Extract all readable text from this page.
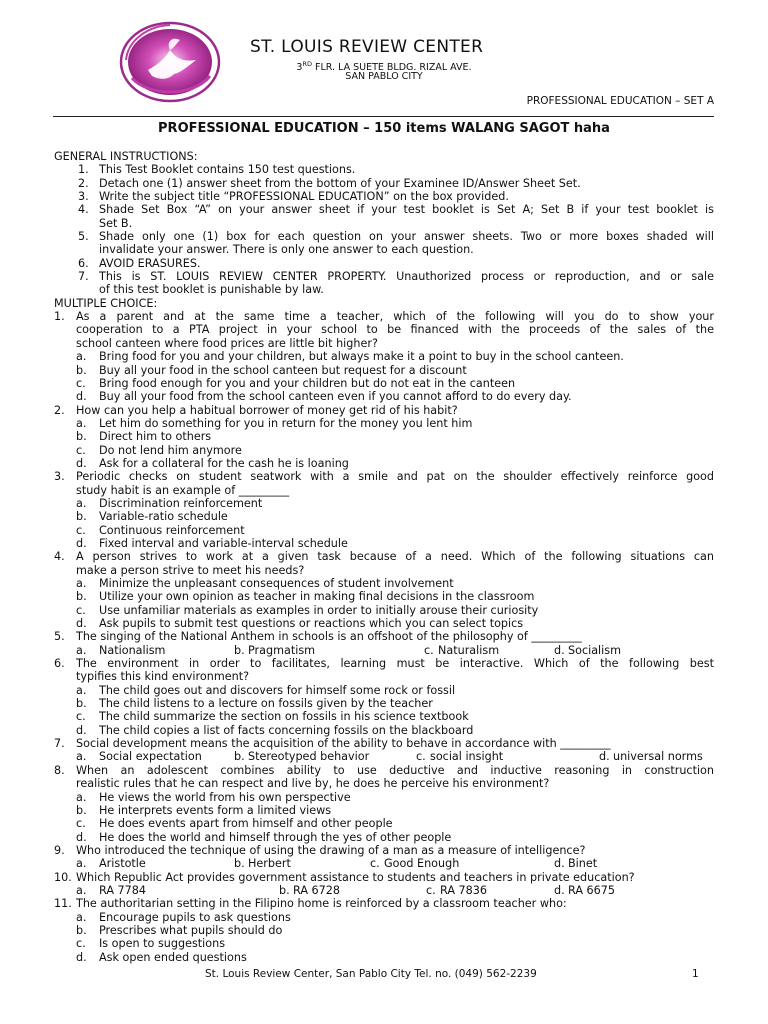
ST. LOUIS REVIEW CENTER
3RD FLR. LA SUETE BLDG. RIZAL AVE.
SAN PABLO CITY
PROFESSIONAL EDUCATION – SET A
PROFESSIONAL EDUCATION – 150 items WALANG SAGOT haha
GENERAL INSTRUCTIONS:
1. This Test Booklet contains 150 test questions.
2. Detach one (1) answer sheet from the bottom of your Examinee ID/Answer Sheet Set.
3. Write the subject title “PROFESSIONAL EDUCATION” on the box provided.
4. Shade Set Box “A” on your answer sheet if your test booklet is Set A; Set B if your test booklet is
Set B.
5. Shade only one (1) box for each question on your answer sheets. Two or more boxes shaded will
invalidate your answer. There is only one answer to each question.
6. AVOID ERASURES.
7. This is ST. LOUIS REVIEW CENTER PROPERTY. Unauthorized process or reproduction, and or sale
of this test booklet is punishable by law.
MULTIPLE CHOICE:
1. As a parent and at the same time a teacher, which of the following will you do to show your
cooperation to a PTA project in your school to be financed with the proceeds of the sales of the
school canteen where food prices are little bit higher?
a. Bring food for you and your children, but always make it a point to buy in the school canteen.
b. Buy all your food in the school canteen but request for a discount
c. Bring food enough for you and your children but do not eat in the canteen
d. Buy all your food from the school canteen even if you cannot afford to do every day.
2. How can you help a habitual borrower of money get rid of his habit?
a. Let him do something for you in return for the money you lent him
b. Direct him to others
c. Do not lend him anymore
d. Ask for a collateral for the cash he is loaning
3. Periodic checks on student seatwork with a smile and pat on the shoulder effectively reinforce good
study habit is an example of _________
a. Discrimination reinforcement
b. Variable-ratio schedule
c. Continuous reinforcement
d. Fixed interval and variable-interval schedule
4. A person strives to work at a given task because of a need. Which of the following situations can
make a person strive to meet his needs?
a. Minimize the unpleasant consequences of student involvement
b. Utilize your own opinion as teacher in making final decisions in the classroom
c. Use unfamiliar materials as examples in order to initially arouse their curiosity
d. Ask pupils to submit test questions or reactions which you can select topics
5. The singing of the National Anthem in schools is an offshoot of the philosophy of _________
a. Nationalism	b. Pragmatism	c. Naturalism	d. Socialism
6. The environment in order to facilitates, learning must be interactive. Which of the following best
typifies this kind environment?
a. The child goes out and discovers for himself some rock or fossil
b. The child listens to a lecture on fossils given by the teacher
c. The child summarize the section on fossils in his science textbook
d. The child copies a list of facts concerning fossils on the blackboard
7. Social development means the acquisition of the ability to behave in accordance with _________
a. Social expectation	b. Stereotyped behavior	c. social insight	d. universal norms
8. When an adolescent combines ability to use deductive and inductive reasoning in construction
realistic rules that he can respect and live by, he does he perceive his environment?
a. He views the world from his own perspective
b. He interprets events form a limited views
c. He does events apart from himself and other people
d. He does the world and himself through the yes of other people
9. Who introduced the technique of using the drawing of a man as a measure of intelligence?
a. Aristotle	b. Herbert	c. Good Enough	d. Binet
10. Which Republic Act provides government assistance to students and teachers in private education?
a. RA 7784	b. RA 6728	c. RA 7836	d. RA 6675
11. The authoritarian setting in the Filipino home is reinforced by a classroom teacher who:
a. Encourage pupils to ask questions
b. Prescribes what pupils should do
c. Is open to suggestions
d. Ask open ended questions
St. Louis Review Center, San Pablo City Tel. no. (049) 562-2239	1
